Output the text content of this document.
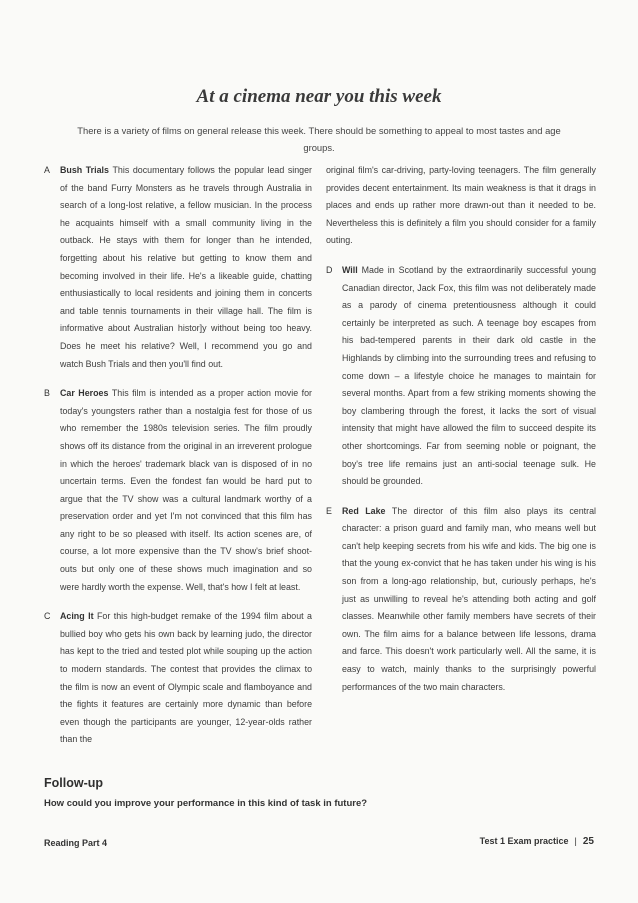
At a cinema near you this week
There is a variety of films on general release this week. There should be something to appeal to most tastes and age groups.
A Bush Trials This documentary follows the popular lead singer of the band Furry Monsters as he travels through Australia in search of a long-lost relative, a fellow musician. In the process he acquaints himself with a small community living in the outback. He stays with them for longer than he intended, forgetting about his relative but getting to know them and becoming involved in their life. He's a likeable guide, chatting enthusiastically to local residents and joining them in concerts and table tennis tournaments in their village hall. The film is informative about Australian histor]y without being too heavy. Does he meet his relative? Well, I recommend you go and watch Bush Trials and then you'll find out.
B Car Heroes This film is intended as a proper action movie for today's youngsters rather than a nostalgia fest for those of us who remember the 1980s television series. The film proudly shows off its distance from the original in an irreverent prologue in which the heroes' trademark black van is disposed of in no uncertain terms. Even the fondest fan would be hard put to argue that the TV show was a cultural landmark worthy of a preservation order and yet I'm not convinced that this film has any right to be so pleased with itself. Its action scenes are, of course, a lot more expensive than the TV show's brief shoot-outs but only one of these shows much imagination and so were hardly worth the expense. Well, that's how I felt at least.
C Acing It For this high-budget remake of the 1994 film about a bullied boy who gets his own back by learning judo, the director has kept to the tried and tested plot while souping up the action to modern standards. The contest that provides the climax to the film is now an event of Olympic scale and flamboyance and the fights it features are certainly more dynamic than before even though the participants are younger, 12-year-olds rather than the
original film's car-driving, party-loving teenagers. The film generally provides decent entertainment. Its main weakness is that it drags in places and ends up rather more drawn-out than it needed to be. Nevertheless this is definitely a film you should consider for a family outing.
D Will Made in Scotland by the extraordinarily successful young Canadian director, Jack Fox, this film was not deliberately made as a parody of cinema pretentiousness although it could certainly be interpreted as such. A teenage boy escapes from his bad-tempered parents in their dark old castle in the Highlands by climbing into the surrounding trees and refusing to come down – a lifestyle choice he manages to maintain for several months. Apart from a few striking moments showing the boy clambering through the forest, it lacks the sort of visual intensity that might have allowed the film to succeed despite its other shortcomings. Far from seeming noble or poignant, the boy's tree life remains just an anti-social teenage sulk. He should be grounded.
E Red Lake The director of this film also plays its central character: a prison guard and family man, who means well but can't help keeping secrets from his wife and kids. The big one is that the young ex-convict that he has taken under his wing is his son from a long-ago relationship, but, curiously perhaps, he's just as unwilling to reveal he's attending both acting and golf classes. Meanwhile other family members have secrets of their own. The film aims for a balance between life lessons, drama and farce. This doesn't work particularly well. All the same, it is easy to watch, mainly thanks to the surprisingly powerful performances of the two main characters.
Follow-up
How could you improve your performance in this kind of task in future?
Reading Part 4	Test 1 Exam practice | 25
